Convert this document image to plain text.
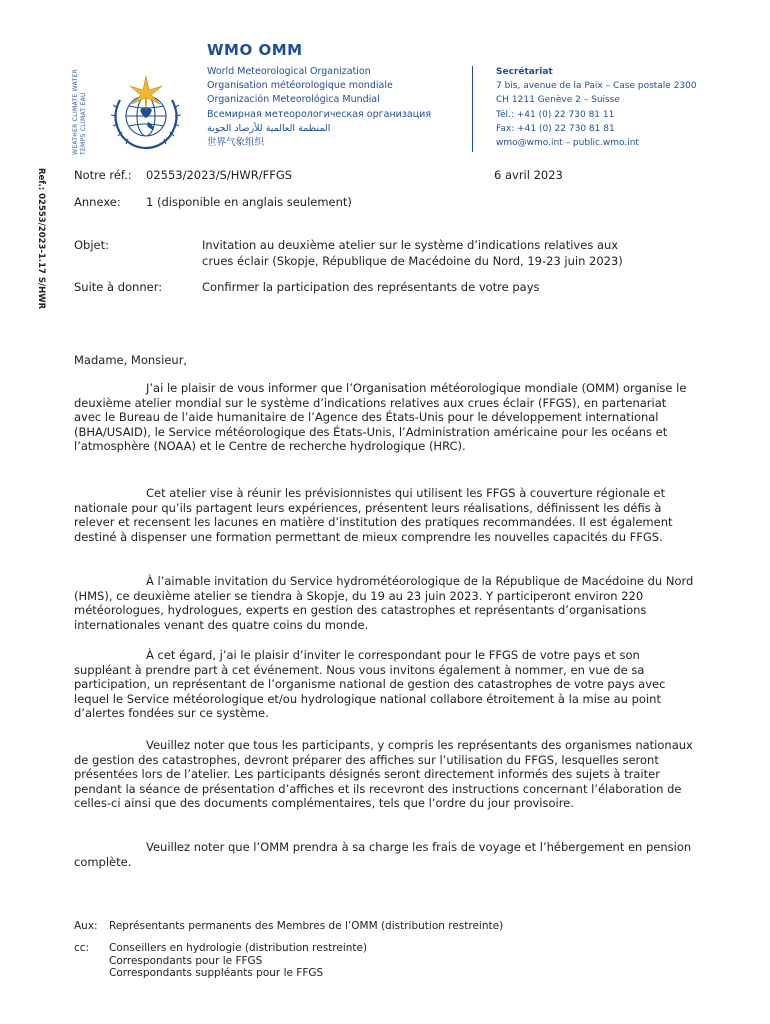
WEATHER CLIMATE WATER TEMPS CLIMAT EAU
WMO OMM
World Meteorological Organization
Organisation météorologique mondiale
Organización Meteorológica Mundial
Всемирная метеорологическая организация
المنظمة العالمية للأرصاد الجوية
世界气象组织
Secrétariat
7 bis, avenue de la Paix – Case postale 2300
CH 1211 Genève 2 – Suisse
Tél.: +41 (0) 22 730 81 11
Fax: +41 (0) 22 730 81 81
wmo@wmo.int – public.wmo.int
Ref.: 02553/2023-1.17 S/HWR Notre réf.: 02553/2023/S/HWR/FFGS	6 avril 2023
Annexe: 1 (disponible en anglais seulement)
Objet:	Invitation au deuxième atelier sur le système d’indications relatives aux
crues éclair (Skopje, République de Macédoine du Nord, 19-23 juin 2023)
Suite à donner:	Confirmer la participation des représentants de votre pays
Madame, Monsieur,
J’ai le plaisir de vous informer que l’Organisation météorologique mondiale (OMM) organise le deuxième atelier mondial sur le système d’indications relatives aux crues éclair (FFGS), en partenariat avec le Bureau de l’aide humanitaire de l’Agence des États-Unis pour le développement international (BHA/USAID), le Service météorologique des États-Unis, l’Administration américaine pour les océans et l’atmosphère (NOAA) et le Centre de recherche hydrologique (HRC).
Cet atelier vise à réunir les prévisionnistes qui utilisent les FFGS à couverture régionale et nationale pour qu’ils partagent leurs expériences, présentent leurs réalisations, définissent les défis à relever et recensent les lacunes en matière d’institution des pratiques recommandées. Il est également destiné à dispenser une formation permettant de mieux comprendre les nouvelles capacités du FFGS.
À l’aimable invitation du Service hydrométéorologique de la République de Macédoine du Nord (HMS), ce deuxième atelier se tiendra à Skopje, du 19 au 23 juin 2023. Y participeront environ 220 météorologues, hydrologues, experts en gestion des catastrophes et représentants d’organisations internationales venant des quatre coins du monde.
À cet égard, j’ai le plaisir d’inviter le correspondant pour le FFGS de votre pays et son suppléant à prendre part à cet événement. Nous vous invitons également à nommer, en vue de sa participation, un représentant de l’organisme national de gestion des catastrophes de votre pays avec lequel le Service météorologique et/ou hydrologique national collabore étroitement à la mise au point d’alertes fondées sur ce système.
Veuillez noter que tous les participants, y compris les représentants des organismes nationaux de gestion des catastrophes, devront préparer des affiches sur l’utilisation du FFGS, lesquelles seront présentées lors de l’atelier. Les participants désignés seront directement informés des sujets à traiter pendant la séance de présentation d’affiches et ils recevront des instructions concernant l’élaboration de celles-ci ainsi que des documents complémentaires, tels que l’ordre du jour provisoire.
Veuillez noter que l’OMM prendra à sa charge les frais de voyage et l’hébergement en pension complète.
Aux: Représentants permanents des Membres de l’OMM (distribution restreinte)
cc: Conseillers en hydrologie (distribution restreinte)
Correspondants pour le FFGS
Correspondants suppléants pour le FFGS
